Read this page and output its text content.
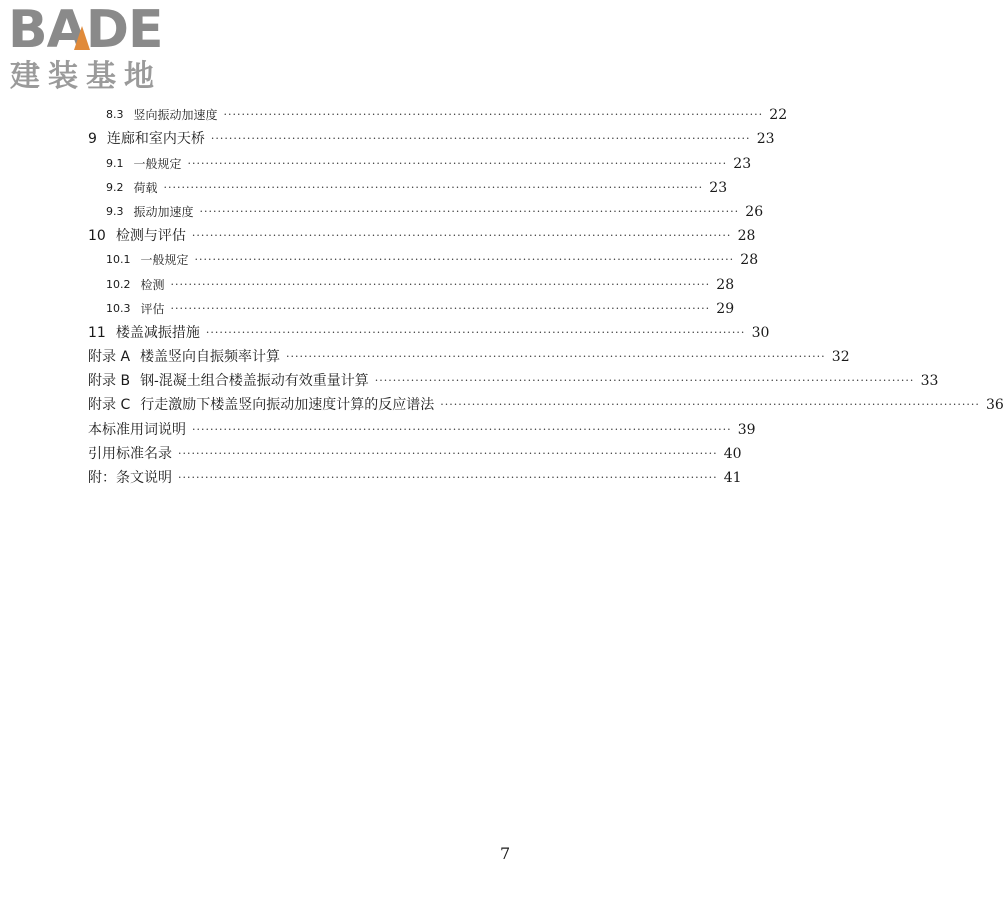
BADE
建装基地
8.3 竖向振动加速度 ························································································································ 22
9 连廊和室内天桥 ························································································································ 23
9.1 一般规定 ························································································································ 23
9.2 荷载 ························································································································ 23
9.3 振动加速度 ························································································································ 26
10 检测与评估 ························································································································ 28
10.1 一般规定 ························································································································ 28
10.2 检测 ························································································································ 28
10.3 评估 ························································································································ 29
11 楼盖减振措施 ························································································································ 30
附录 A 楼盖竖向自振频率计算 ························································································································ 32
附录 B 钢-混凝土组合楼盖振动有效重量计算 ························································································································ 33
附录 C 行走激励下楼盖竖向振动加速度计算的反应谱法 ························································································································ 36
本标准用词说明 ························································································································ 39
引用标准名录 ························································································································ 40
附：条文说明 ························································································································ 41
7
